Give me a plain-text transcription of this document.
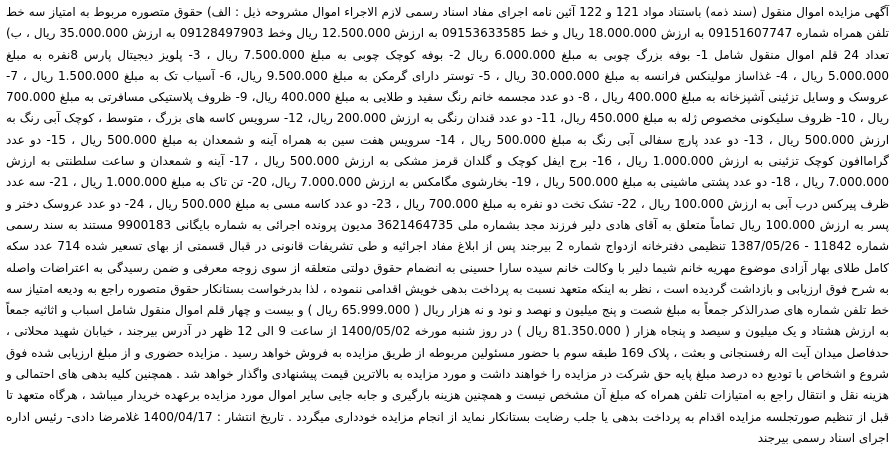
آگهی مزایده اموال منقول (سند ذمه) باستناد مواد 121 و 122 آئین نامه اجرای مفاد اسناد رسمی لازم الاجراء اموال مشروحه ذیل : الف) حقوق متصوره مربوط به امتیاز سه خط تلفن همراه شماره 09151607747 به ارزش 18.000.000 ریال و خط 09153633585 به ارزش 12.500.000 ریال وخط 09128497903 به ارزش 35.000.000 ریال ، ب) تعداد 24 قلم اموال منقول شامل 1- بوفه بزرگ چوبی به مبلغ 6.000.000 ریال 2- بوفه کوچک چوبی به مبلغ 7.500.000 ریال ، 3- پلویز دیجیتال پارس 8نفره به مبلغ 5.000.000 ریال ، 4- غذاساز مولینکس فرانسه به مبلغ 30.000.000 ریال ، 5- توستر دارای گرمکن به مبلغ 9.500.000 ریال، 6- آسیاب تک به مبلغ 1.500.000 ریال ، 7- عروسک و وسایل تزئینی آشپزخانه به مبلغ 400.000 ریال ، 8- دو عدد مجسمه خانم رنگ سفید و طلایی به مبلغ 400.000 ریال، 9- ظروف پلاستیکی مسافرتی به مبلغ 700.000 ریال ، 10- ظروف سلیکونی مخصوص ژله به مبلغ 450.000 ریال، 11- دو عدد قندان رنگی به ارزش 200.000 ریال، 12- سرویس کاسه های بزرگ ، متوسط ، کوچک آبی رنگ به ارزش 500.000 ریال ، 13- دو عدد پارچ سفالی آبی رنگ به مبلغ 500.000 ریال ، 14- سرویس هفت سین به همراه آینه و شمعدان به مبلغ 500.000 ریال ، 15- دو عدد گراماافون کوچک تزئینی به ارزش 1.000.000 ریال ، 16- برج ایفل کوچک و گلدان قرمز مشکی به ارزش 500.000 ریال ، 17- آینه و شمعدان و ساعت سلطنتی به ارزش 7.000.000 ریال ، 18- دو عدد پشتی ماشینی به مبلغ 500.000 ریال ، 19- بخارشوی مگامکس به ارزش 7.000.000 ریال، 20- تن تاک به مبلغ 1.000.000 ریال ، 21- سه عدد ظرف پیرکس درب آبی به ارزش 100.000 ریال ، 22- تشک تخت دو نفره به مبلغ 700.000 ریال ، 23- دو عدد کاسه مسی به مبلغ 500.000 ریال ، 24- دو عدد عروسک دختر و پسر به ارزش 100.000 ریال تماماً متعلق به آقای هادی دلیر فرزند مجد بشماره ملی 3621464735 مدیون پرونده اجرائی به شماره بایگانی 9900183 مستند به سند رسمی شماره 11842 - 1387/05/26 تنظیمی دفترخانه ازدواج شماره 2 بیرجند پس از ابلاغ مفاد اجرائیه و طی تشریفات قانونی در قبال قسمتی از بهای تسعیر شده 714 عدد سکه کامل طلای بهار آزادی موضوع مهریه خانم شیما دلیر با وکالت خانم سیده سارا حسینی به انضمام حقوق دولتی متعلقه از سوی زوجه معرفی و ضمن رسیدگی به اعتراضات واصله به شرح فوق ارزیابی و بازداشت گردیده است ، نظر به اینکه متعهد نسبت به پرداخت بدهی خویش اقدامی ننموده ، لذا بدرخواست بستانکار حقوق متصوره راجع به ودیعه امتیاز سه خط تلفن شماره های صدرالذکر جمعاً به مبلغ شصت و پنج میلیون و نهصد و نود و نه هزار ریال ( 65.999.000 ریال ) و بیست و چهار قلم اموال منقول شامل اسباب و اثاثیه جمعاً به ارزش هشتاد و یک میلیون و سیصد و پنجاه هزار ( 81.350.000 ریال ) در روز شنبه مورخه 1400/05/02 از ساعت 9 الی 12 ظهر در آدرس بیرجند ، خیابان شهید محلاتی ، حدفاصل میدان آیت اله رفسنجانی و بعثت ، پلاک 169 طبقه سوم با حضور مسئولین مربوطه از طریق مزایده به فروش خواهد رسید . مزایده حضوری و از مبلغ ارزیابی شده فوق شروع و اشخاص با تودیع ده درصد مبلغ پایه حق شرکت در مزایده را خواهند داشت و مورد مزایده به بالاترین قیمت پیشنهادی واگذار خواهد شد . همچنین کلیه بدهی های احتمالی و هزینه نقل و انتقال راجع به امتیازات تلفن همراه که مبلغ آن مشخص نیست و همچنین هزینه بارگیری و جابه جایی سایر اموال مورد مزایده برعهده خریدار میباشد ، هرگاه متعهد تا قبل از تنظیم صورتجلسه مزایده اقدام به پرداخت بدهی یا جلب رضایت بستانکار نماید از انجام مزایده خودداری میگردد . تاریخ انتشار : 1400/04/17 غلامرضا دادی- رئیس اداره اجرای اسناد رسمی بیرجند
